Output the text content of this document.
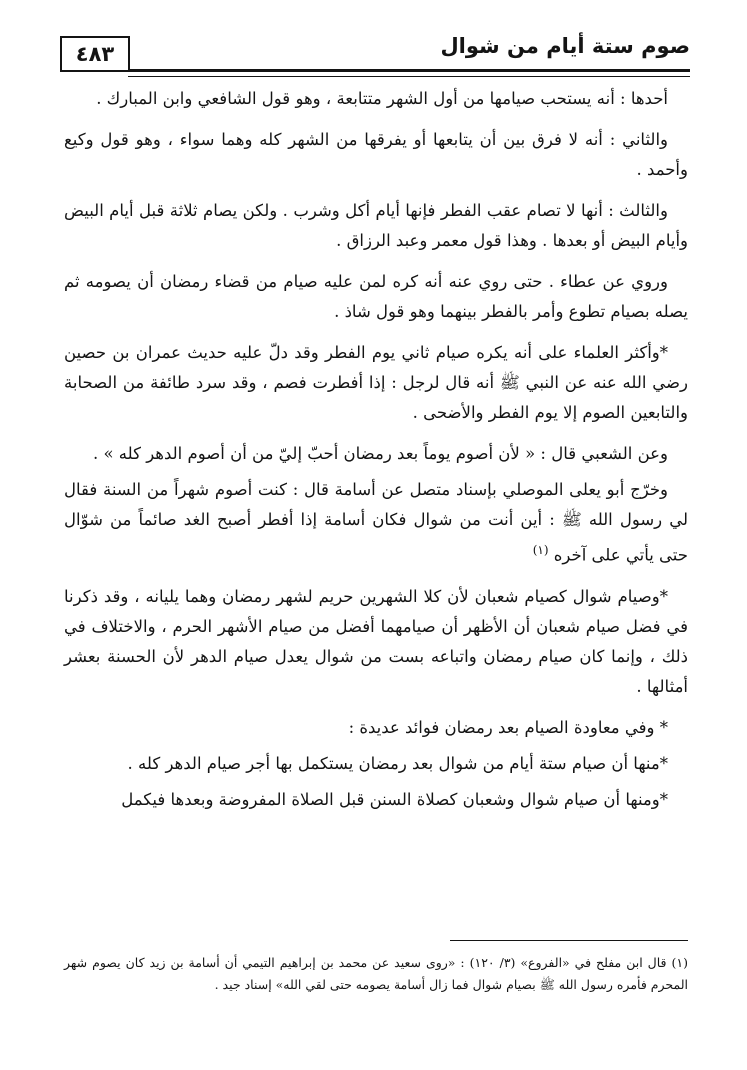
٤٨٣	صوم ستة أيام من شوال

أحدها : أنه يستحب صيامها من أول الشهر متتابعة ، وهو قول الشافعي وابن المبارك .

والثاني : أنه لا فرق بين أن يتابعها أو يفرقها من الشهر كله وهما سواء ، وهو قول وكيع وأحمد .

والثالث : أنها لا تصام عقب الفطر فإنها أيام أكل وشرب . ولكن يصام ثلاثة قبل أيام البيض وأيام البيض أو بعدها . وهذا قول معمر وعبد الرزاق .

وروي عن عطاء . حتى روي عنه أنه كره لمن عليه صيام من قضاء رمضان أن يصومه ثم يصله بصيام تطوع وأمر بالفطر بينهما وهو قول شاذ .

*وأكثر العلماء على أنه يكره صيام ثاني يوم الفطر وقد دلّ عليه حديث عمران بن حصين رضي الله عنه عن النبي ﷺ أنه قال لرجل : إذا أفطرت فصم ، وقد سرد طائفة من الصحابة والتابعين الصوم إلا يوم الفطر والأضحى .

وعن الشعبي قال : « لأن أصوم يوماً بعد رمضان أحبّ إليّ من أن أصوم الدهر كله » .

وخرّج أبو يعلى الموصلي بإسناد متصل عن أسامة قال : كنت أصوم شهراً من السنة فقال لي رسول الله ﷺ : أين أنت من شوال فكان أسامة إذا أفطر أصبح الغد صائماً من شوّال حتى يأتي على آخره $^{(١)}$

*وصيام شوال كصيام شعبان لأن كلا الشهرين حريم لشهر رمضان وهما يليانه ، وقد ذكرنا في فضل صيام شعبان أن الأظهر أن صيامهما أفضل من صيام الأشهر الحرم ، والاختلاف في ذلك ، وإنما كان صيام رمضان واتباعه بست من شوال يعدل صيام الدهر لأن الحسنة بعشر أمثالها .

* وفي معاودة الصيام بعد رمضان فوائد عديدة :

*منها أن صيام ستة أيام من شوال بعد رمضان يستكمل بها أجر صيام الدهر كله .

*ومنها أن صيام شوال وشعبان كصلاة السنن قبل الصلاة المفروضة وبعدها فيكمل

(١) قال ابن مفلح في «الفروع» (٣/ ١٢٠) : «روى سعيد عن محمد بن إبراهيم التيمي أن أسامة بن زيد كان يصوم شهر المحرم فأمره رسول الله ﷺ بصيام شوال فما زال أسامة يصومه حتى لقي الله» إسناد جيد .
